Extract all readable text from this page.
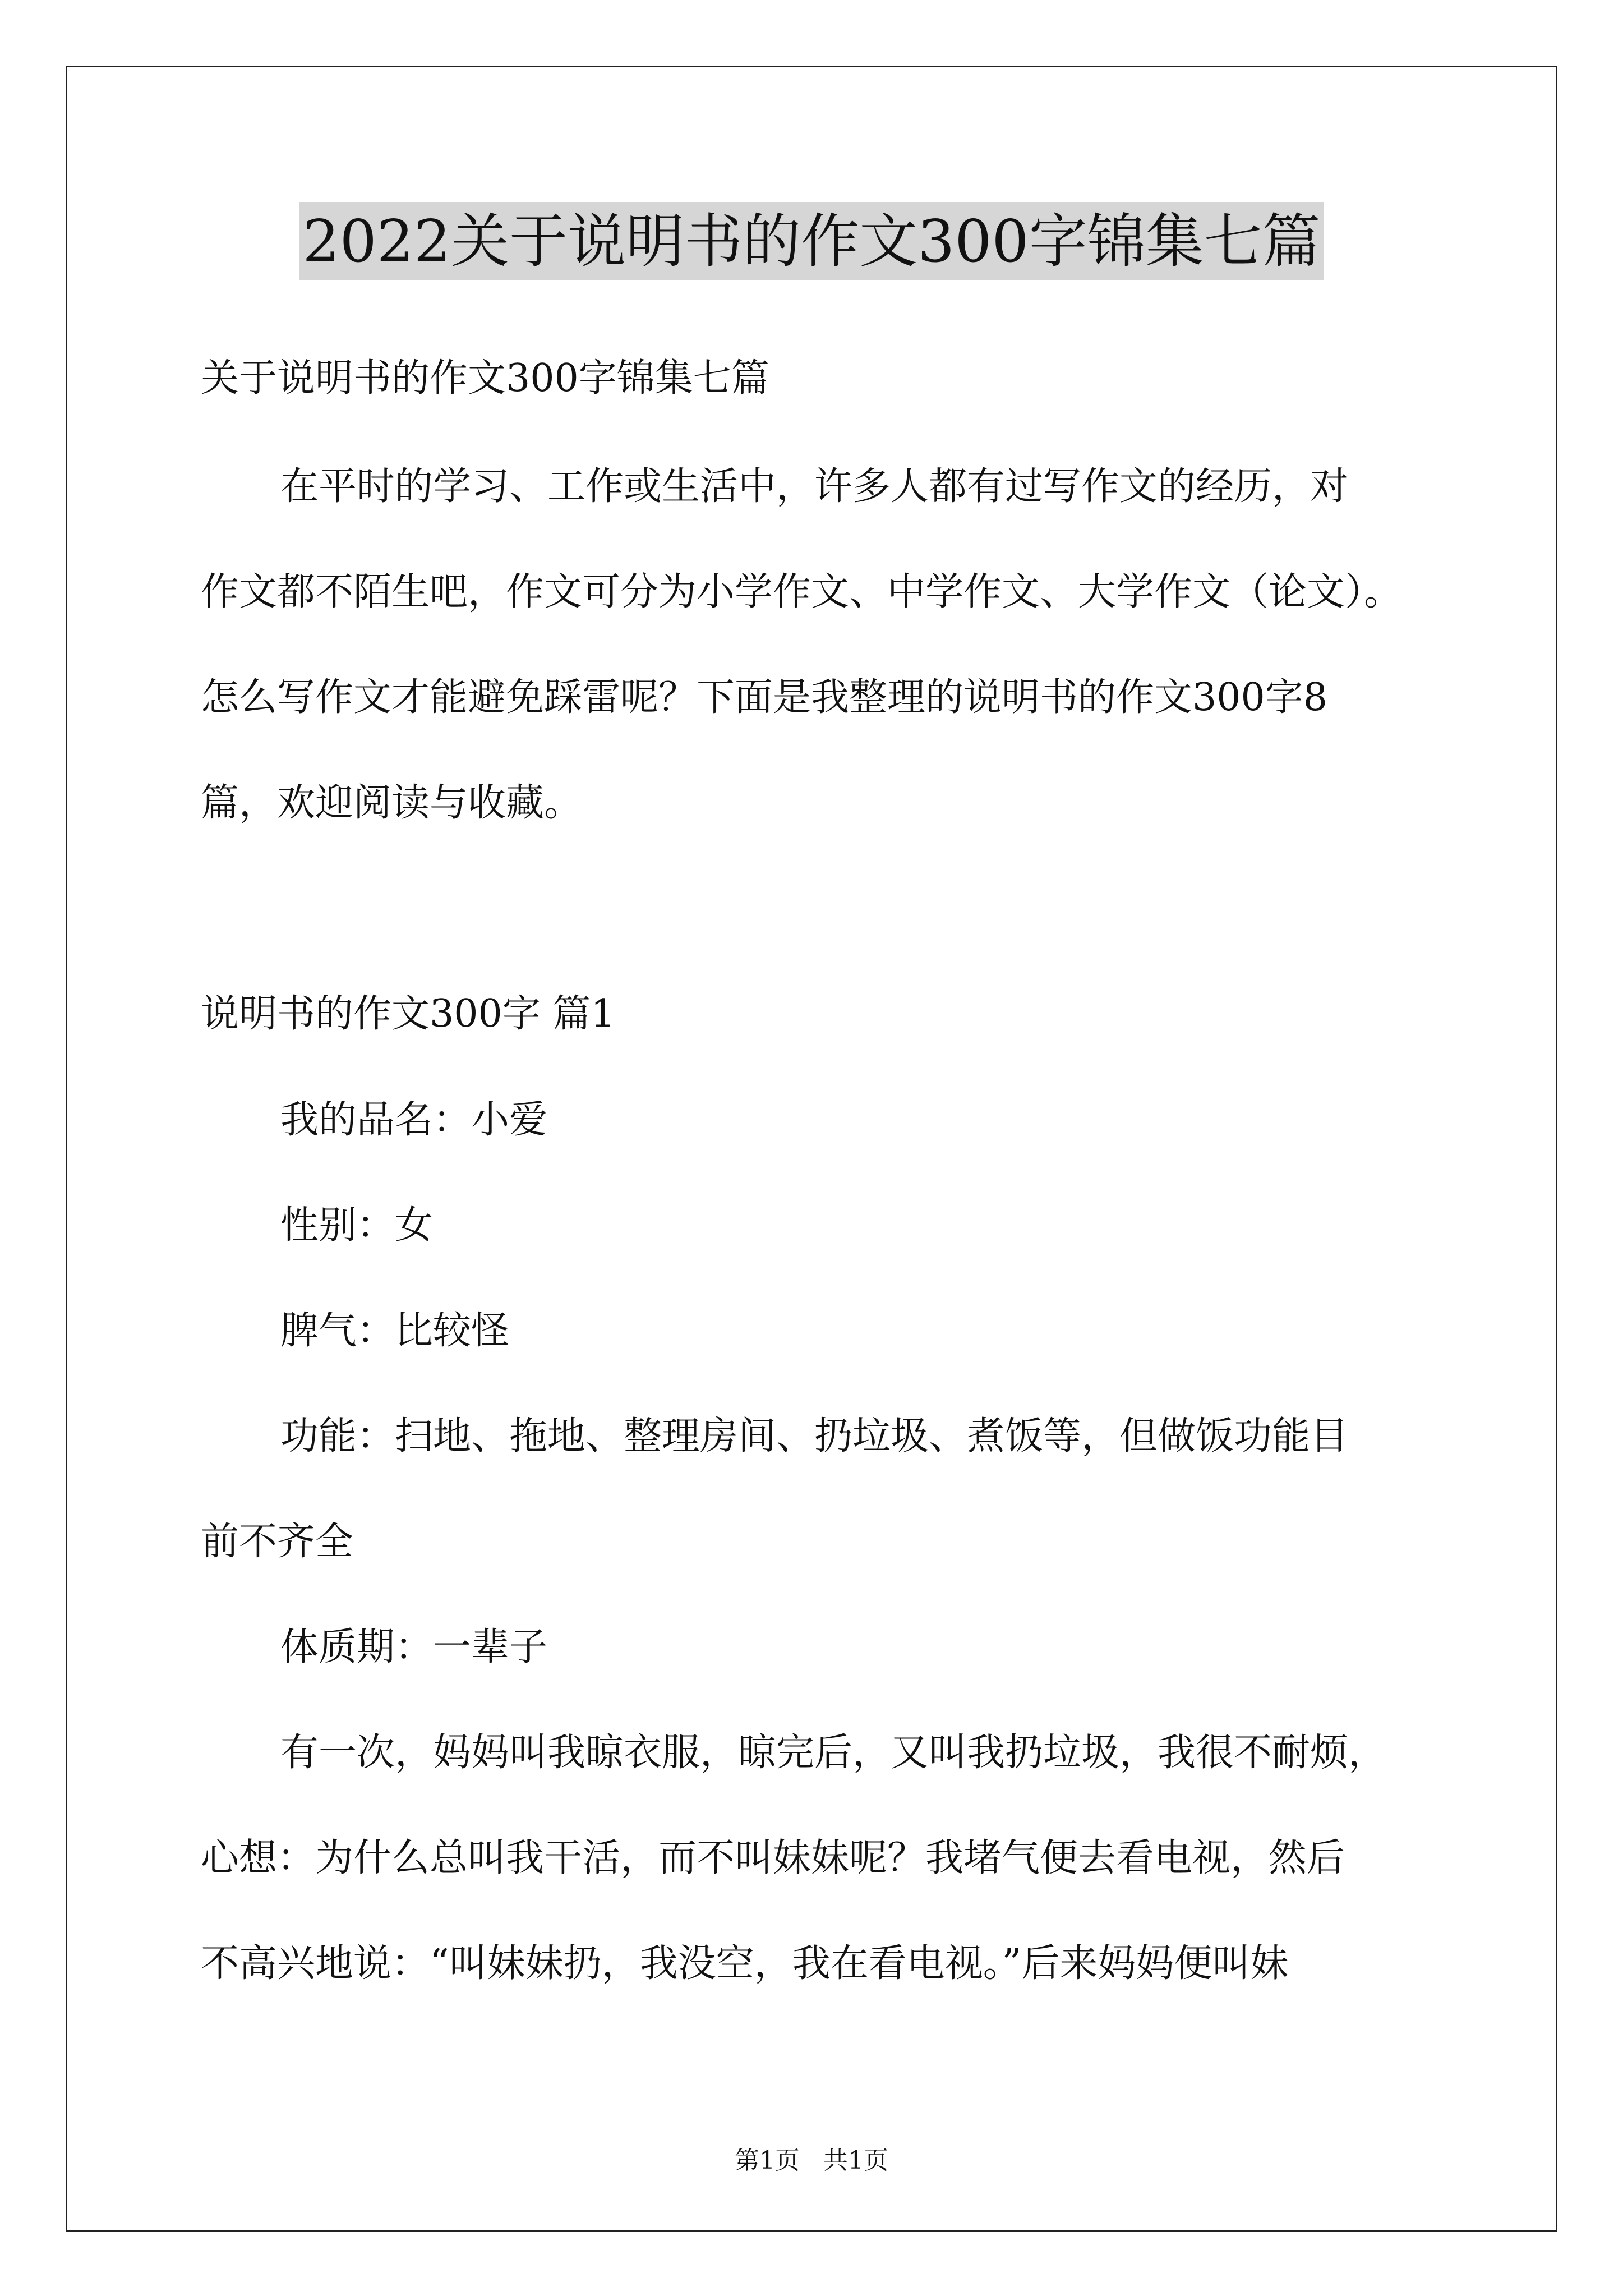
2022关于说明书的作文300字锦集七篇
关于说明书的作文300字锦集七篇
在平时的学习、工作或生活中，许多人都有过写作文的经历，对
作文都不陌生吧，作文可分为小学作文、中学作文、大学作文（论文）。
怎么写作文才能避免踩雷呢？下面是我整理的说明书的作文300字8
篇，欢迎阅读与收藏。
说明书的作文300字 篇1
我的品名：小爱
性别：女
脾气：比较怪
功能：扫地、拖地、整理房间、扔垃圾、煮饭等，但做饭功能目
前不齐全
体质期：一辈子
有一次，妈妈叫我晾衣服，晾完后，又叫我扔垃圾，我很不耐烦，
心想：为什么总叫我干活，而不叫妹妹呢？我堵气便去看电视，然后
不高兴地说：“叫妹妹扔，我没空，我在看电视。”后来妈妈便叫妹
第1页   共1页
